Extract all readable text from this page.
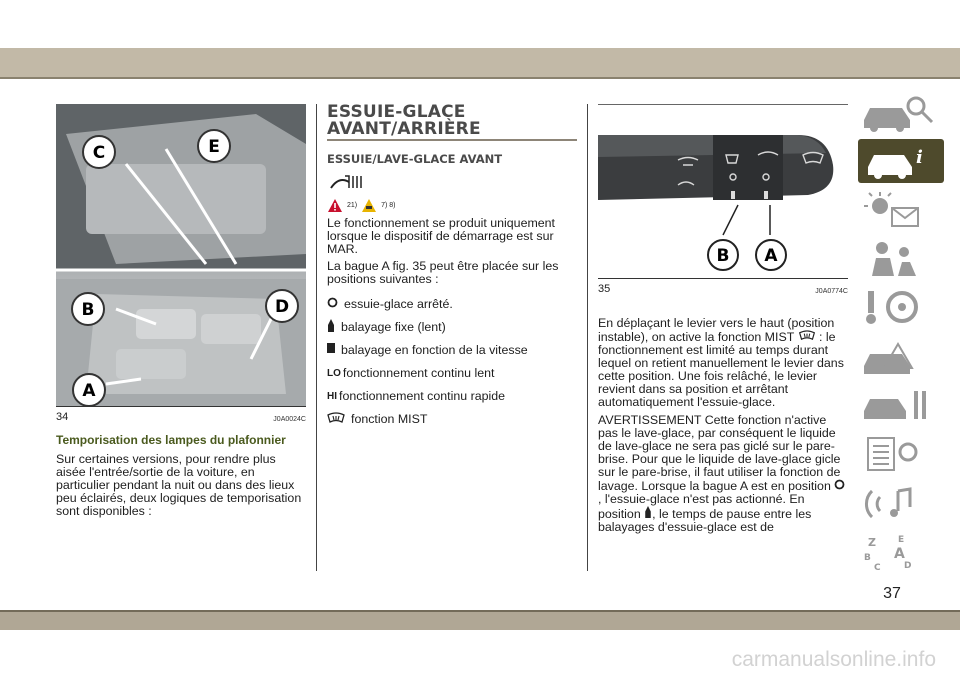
C	E
B	D
A
34	J0A0024C
Temporisation des lampes du plafonnier

Sur certaines versions, pour rendre plus aisée l'entrée/sortie de la voiture, en particulier pendant la nuit ou dans des lieux peu éclairés, deux logiques de temporisation sont disponibles :

ESSUIE-GLACE AVANT/ARRIÈRE
ESSUIE/LAVE-GLACE AVANT
21)	7) 8)

Le fonctionnement se produit uniquement lorsque le dispositif de démarrage est sur MAR.

La bague A fig. 35 peut être placée sur les positions suivantes :

essuie-glace arrêté.
balayage fixe (lent)
balayage en fonction de la vitesse
LO fonctionnement continu lent
HI fonctionnement continu rapide
fonction MIST
B A
35	J0A0774C

En déplaçant le levier vers le haut (position instable), on active la fonction MIST  : le fonctionnement est limité au temps durant lequel on retient manuellement le levier dans cette position. Une fois relâché, le levier revient dans sa position et arrêtant automatiquement l'essuie-glace.

AVERTISSEMENT Cette fonction n'active pas le lave-glace, par conséquent le liquide de lave-glace ne sera pas giclé sur le pare-brise. Pour que le liquide de lave-glace gicle sur le pare-brise, il faut utiliser la fonction de lavage. Lorsque la bague A est en position , l'essuie-glace n'est pas actionné. En position , le temps de pause entre les balayages d'essuie-glace est de

i
Z E
B A
C	D
37
carmanualsonline.info
